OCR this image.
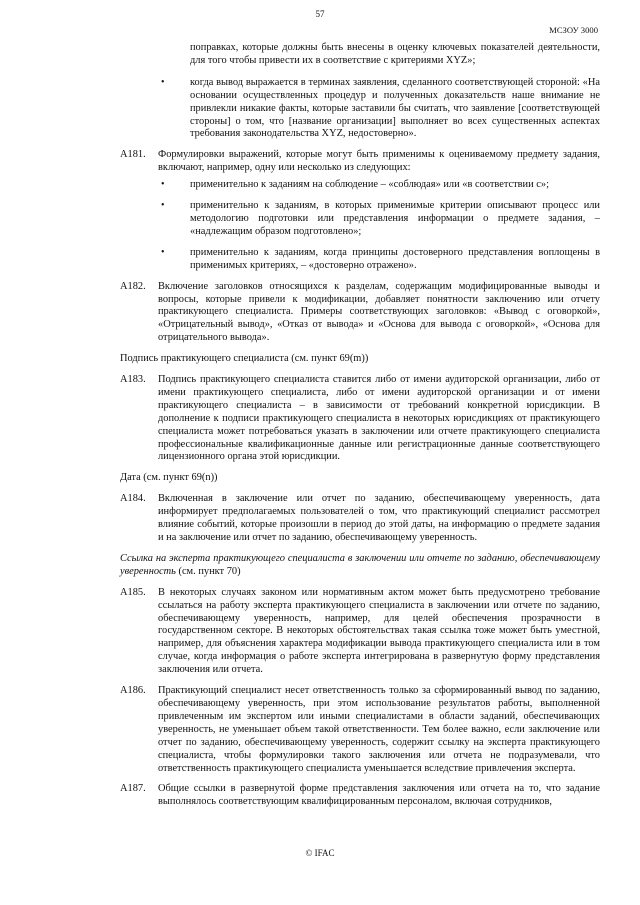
57
МСЗОУ 3000

поправках, которые должны быть внесены в оценку ключевых показателей деятельности, для того чтобы привести их в соответствие с критериями XYZ»;

• когда вывод выражается в терминах заявления, сделанного соответствующей стороной: «На основании осуществленных процедур и полученных доказательств наше внимание не привлекли никакие факты, которые заставили бы считать, что заявление [соответствующей стороны] о том, что [название организации] выполняет во всех существенных аспектах требования законодательства XYZ, недостоверно».

A181. Формулировки выражений, которые могут быть применимы к оцениваемому предмету задания, включают, например, одну или несколько из следующих:

• применительно к заданиям на соблюдение – «соблюдая» или «в соответствии с»;

• применительно к заданиям, в которых применимые критерии описывают процесс или методологию подготовки или представления информации о предмете задания, – «надлежащим образом подготовлено»;

• применительно к заданиям, когда принципы достоверного представления воплощены в применимых критериях, – «достоверно отражено».

A182. Включение заголовков относящихся к разделам, содержащим модифицированные выводы и вопросы, которые привели к модификации, добавляет понятности заключению или отчету практикующего специалиста. Примеры соответствующих заголовков: «Вывод с оговоркой», «Отрицательный вывод», «Отказ от вывода» и «Основа для вывода с оговоркой», «Основа для отрицательного вывода».

Подпись практикующего специалиста (см. пункт 69(m))

A183. Подпись практикующего специалиста ставится либо от имени аудиторской организации, либо от имени практикующего специалиста, либо от имени аудиторской организации и от имени практикующего специалиста – в зависимости от требований конкретной юрисдикции. В дополнение к подписи практикующего специалиста в некоторых юрисдикциях от практикующего специалиста может потребоваться указать в заключении или отчете практикующего специалиста профессиональные квалификационные данные или регистрационные данные соответствующего лицензионного органа этой юрисдикции.

Дата (см. пункт 69(n))

A184. Включенная в заключение или отчет по заданию, обеспечивающему уверенность, дата информирует предполагаемых пользователей о том, что практикующий специалист рассмотрел влияние событий, которые произошли в период до этой даты, на информацию о предмете задания и на заключение или отчет по заданию, обеспечивающему уверенность.

Ссылка на эксперта практикующего специалиста в заключении или отчете по заданию, обеспечивающему уверенность (см. пункт 70)

A185. В некоторых случаях законом или нормативным актом может быть предусмотрено требование ссылаться на работу эксперта практикующего специалиста в заключении или отчете по заданию, обеспечивающему уверенность, например, для целей обеспечения прозрачности в государственном секторе. В некоторых обстоятельствах такая ссылка тоже может быть уместной, например, для объяснения характера модификации вывода практикующего специалиста или в том случае, когда информация о работе эксперта интегрирована в развернутую форму представления заключения или отчета.

A186. Практикующий специалист несет ответственность только за сформированный вывод по заданию, обеспечивающему уверенность, при этом использование результатов работы, выполненной привлеченным им экспертом или иными специалистами в области заданий, обеспечивающих уверенность, не уменьшает объем такой ответственности. Тем более важно, если заключение или отчет по заданию, обеспечивающему уверенность, содержит ссылку на эксперта практикующего специалиста, чтобы формулировки такого заключения или отчета не подразумевали, что ответственность практикующего специалиста уменьшается вследствие привлечения эксперта.

A187. Общие ссылки в развернутой форме представления заключения или отчета на то, что задание выполнялось соответствующим квалифицированным персоналом, включая сотрудников,

© IFAC
